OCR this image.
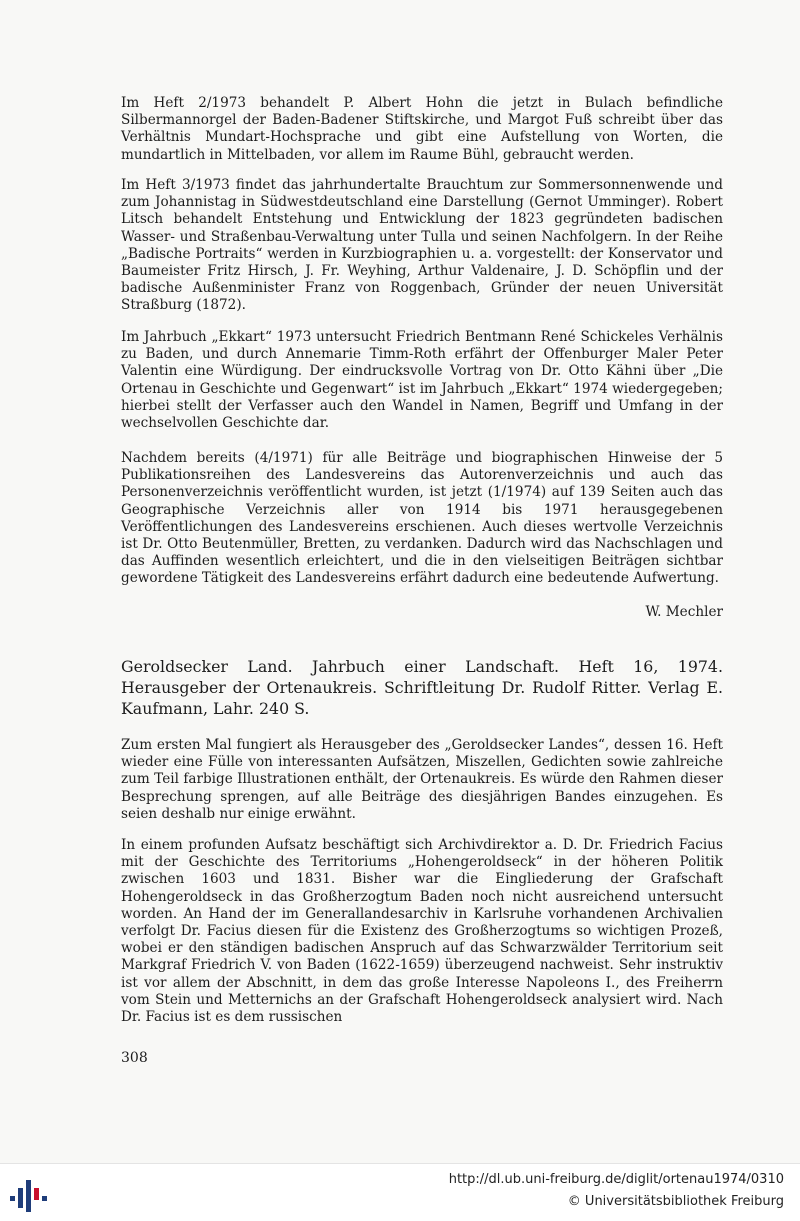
Im Heft 2/1973 behandelt P. Albert Hohn die jetzt in Bulach befindliche Silbermannorgel der Baden-Badener Stiftskirche, und Margot Fuß schreibt über das Verhältnis Mundart-Hochsprache und gibt eine Aufstellung von Worten, die mundartlich in Mittelbaden, vor allem im Raume Bühl, gebraucht werden.

Im Heft 3/1973 findet das jahrhundertalte Brauchtum zur Sommersonnenwende und zum Johannistag in Südwestdeutschland eine Darstellung (Gernot Umminger). Robert Litsch behandelt Entstehung und Entwicklung der 1823 gegründeten badischen Wasser- und Straßenbau-Verwaltung unter Tulla und seinen Nachfolgern. In der Reihe „Badische Portraits“ werden in Kurzbiographien u. a. vorgestellt: der Konservator und Baumeister Fritz Hirsch, J. Fr. Weyhing, Arthur Valdenaire, J. D. Schöpflin und der badische Außenminister Franz von Roggenbach, Gründer der neuen Universität Straßburg (1872).

Im Jahrbuch „Ekkart“ 1973 untersucht Friedrich Bentmann René Schickeles Verhälnis zu Baden, und durch Annemarie Timm-Roth erfährt der Offenburger Maler Peter Valentin eine Würdigung. Der eindrucksvolle Vortrag von Dr. Otto Kähni über „Die Ortenau in Geschichte und Gegenwart“ ist im Jahrbuch „Ekkart“ 1974 wiedergegeben; hierbei stellt der Verfasser auch den Wandel in Namen, Begriff und Umfang in der wechselvollen Geschichte dar.

Nachdem bereits (4/1971) für alle Beiträge und biographischen Hinweise der 5 Publikationsreihen des Landesvereins das Autorenverzeichnis und auch das Personenverzeichnis veröffentlicht wurden, ist jetzt (1/1974) auf 139 Seiten auch das Geographische Verzeichnis aller von 1914 bis 1971 herausgegebenen Veröffentlichungen des Landesvereins erschienen. Auch dieses wertvolle Verzeichnis ist Dr. Otto Beutenmüller, Bretten, zu verdanken. Dadurch wird das Nachschlagen und das Auffinden wesentlich erleichtert, und die in den vielseitigen Beiträgen sichtbar gewordene Tätigkeit des Landesvereins erfährt dadurch eine bedeutende Aufwertung.

W. Mechler

Geroldsecker Land. Jahrbuch einer Landschaft. Heft 16, 1974. Herausgeber der Ortenaukreis. Schriftleitung Dr. Rudolf Ritter. Verlag E. Kaufmann, Lahr. 240 S.

Zum ersten Mal fungiert als Herausgeber des „Geroldsecker Landes“, dessen 16. Heft wieder eine Fülle von interessanten Aufsätzen, Miszellen, Gedichten sowie zahlreiche zum Teil farbige Illustrationen enthält, der Ortenaukreis. Es würde den Rahmen dieser Besprechung sprengen, auf alle Beiträge des diesjährigen Bandes einzugehen. Es seien deshalb nur einige erwähnt.

In einem profunden Aufsatz beschäftigt sich Archivdirektor a. D. Dr. Friedrich Facius mit der Geschichte des Territoriums „Hohengeroldseck“ in der höheren Politik zwischen 1603 und 1831. Bisher war die Eingliederung der Grafschaft Hohengeroldseck in das Großherzogtum Baden noch nicht ausreichend untersucht worden. An Hand der im Generallandesarchiv in Karlsruhe vorhandenen Archivalien verfolgt Dr. Facius diesen für die Existenz des Großherzogtums so wichtigen Prozeß, wobei er den ständigen badischen Anspruch auf das Schwarzwälder Territorium seit Markgraf Friedrich V. von Baden (1622-1659) überzeugend nachweist. Sehr instruktiv ist vor allem der Abschnitt, in dem das große Interesse Napoleons I., des Freiherrn vom Stein und Metternichs an der Grafschaft Hohengeroldseck analysiert wird. Nach Dr. Facius ist es dem russischen

308
http://dl.ub.uni-freiburg.de/diglit/ortenau1974/0310
© Universitätsbibliothek Freiburg
